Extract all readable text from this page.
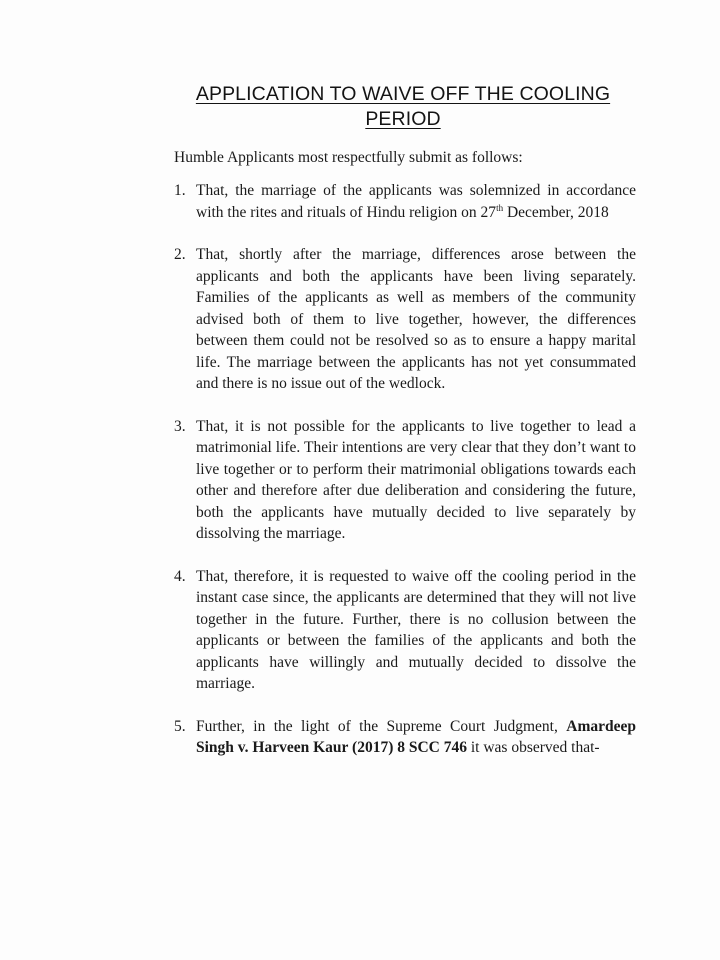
APPLICATION TO WAIVE OFF THE COOLING PERIOD
Humble Applicants most respectfully submit as follows:
1. That, the marriage of the applicants was solemnized in accordance with the rites and rituals of Hindu religion on 27th December, 2018
2. That, shortly after the marriage, differences arose between the applicants and both the applicants have been living separately. Families of the applicants as well as members of the community advised both of them to live together, however, the differences between them could not be resolved so as to ensure a happy marital life. The marriage between the applicants has not yet consummated and there is no issue out of the wedlock.
3. That, it is not possible for the applicants to live together to lead a matrimonial life. Their intentions are very clear that they don’t want to live together or to perform their matrimonial obligations towards each other and therefore after due deliberation and considering the future, both the applicants have mutually decided to live separately by dissolving the marriage.
4. That, therefore, it is requested to waive off the cooling period in the instant case since, the applicants are determined that they will not live together in the future. Further, there is no collusion between the applicants or between the families of the applicants and both the applicants have willingly and mutually decided to dissolve the marriage.
5. Further, in the light of the Supreme Court Judgment, Amardeep Singh v. Harveen Kaur (2017) 8 SCC 746 it was observed that-
